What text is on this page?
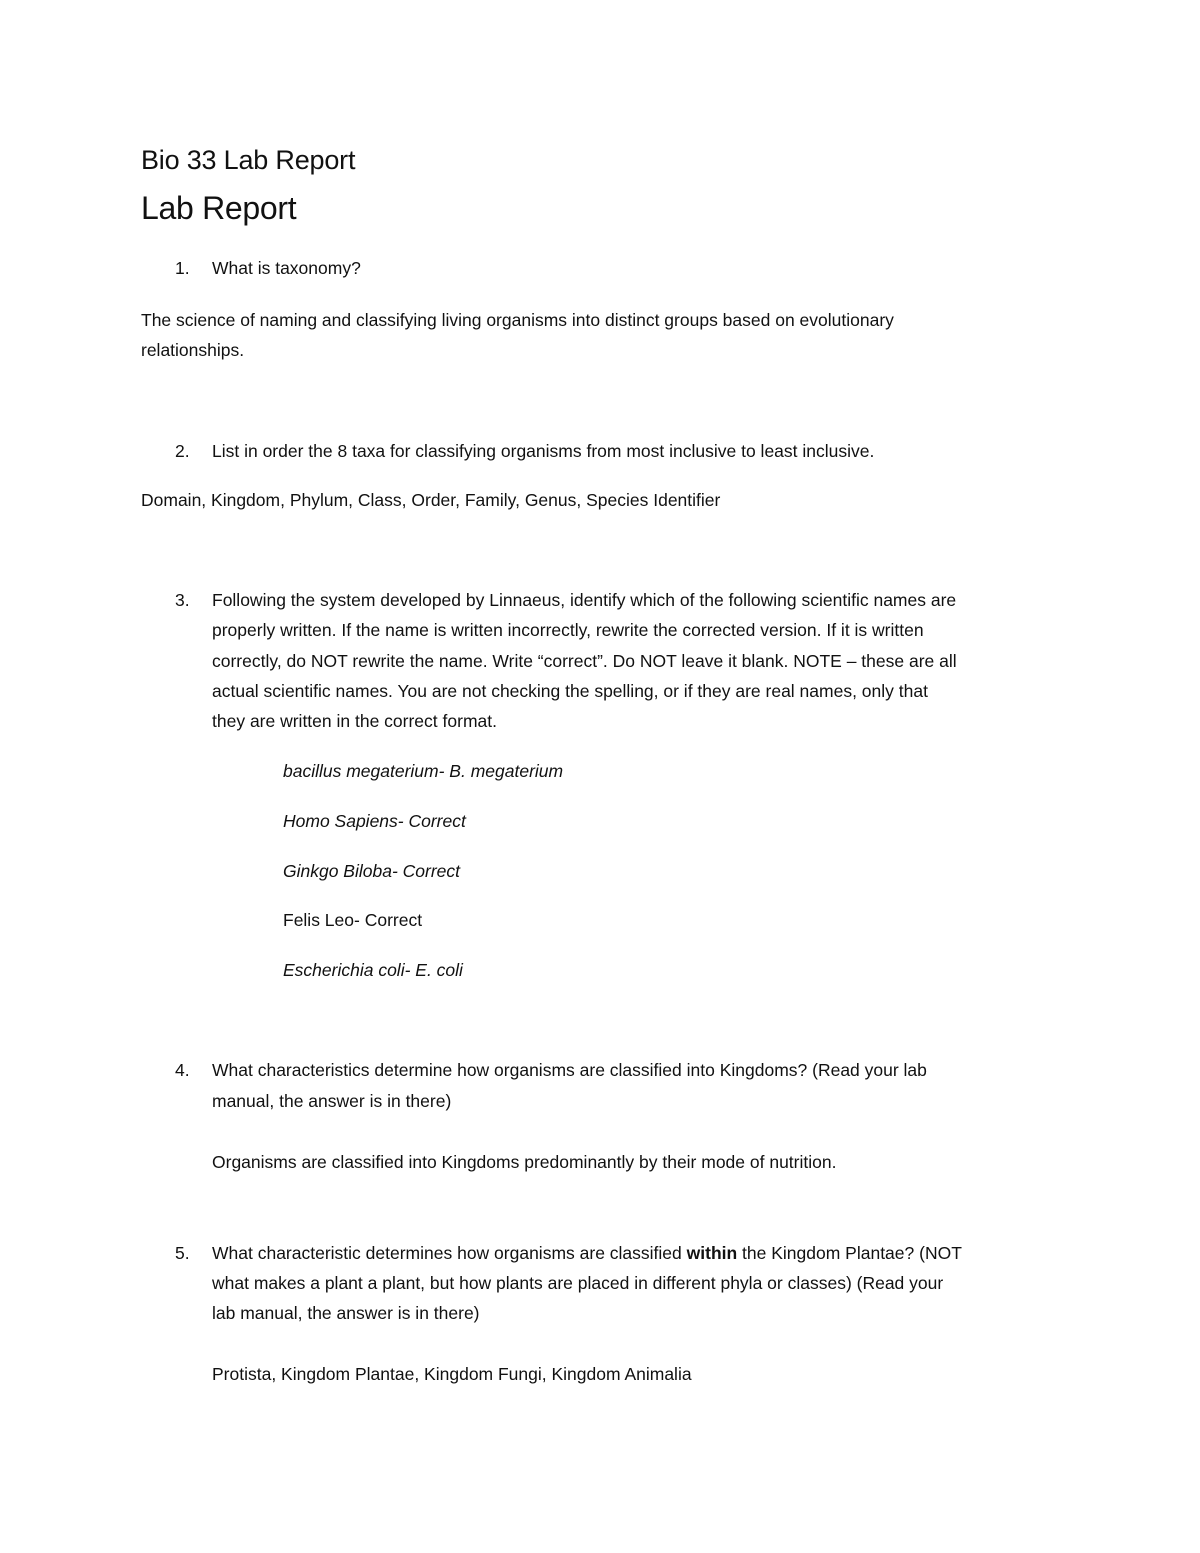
Bio 33 Lab Report
Lab Report
1. What is taxonomy?
The science of naming and classifying living organisms into distinct groups based on evolutionary
relationships.
2. List in order the 8 taxa for classifying organisms from most inclusive to least inclusive.
Domain, Kingdom, Phylum, Class, Order, Family, Genus, Species Identifier
3. Following the system developed by Linnaeus, identify which of the following scientific names are
properly written. If the name is written incorrectly, rewrite the corrected version. If it is written
correctly, do NOT rewrite the name. Write “correct”. Do NOT leave it blank. NOTE – these are all
actual scientific names. You are not checking the spelling, or if they are real names, only that
they are written in the correct format.
bacillus megaterium- B. megaterium
Homo Sapiens- Correct
Ginkgo Biloba- Correct
Felis Leo- Correct
Escherichia coli- E. coli
4. What characteristics determine how organisms are classified into Kingdoms? (Read your lab
manual, the answer is in there)
Organisms are classified into Kingdoms predominantly by their mode of nutrition.
5. What characteristic determines how organisms are classified within the Kingdom Plantae? (NOT
what makes a plant a plant, but how plants are placed in different phyla or classes) (Read your
lab manual, the answer is in there)
Protista, Kingdom Plantae, Kingdom Fungi, Kingdom Animalia
